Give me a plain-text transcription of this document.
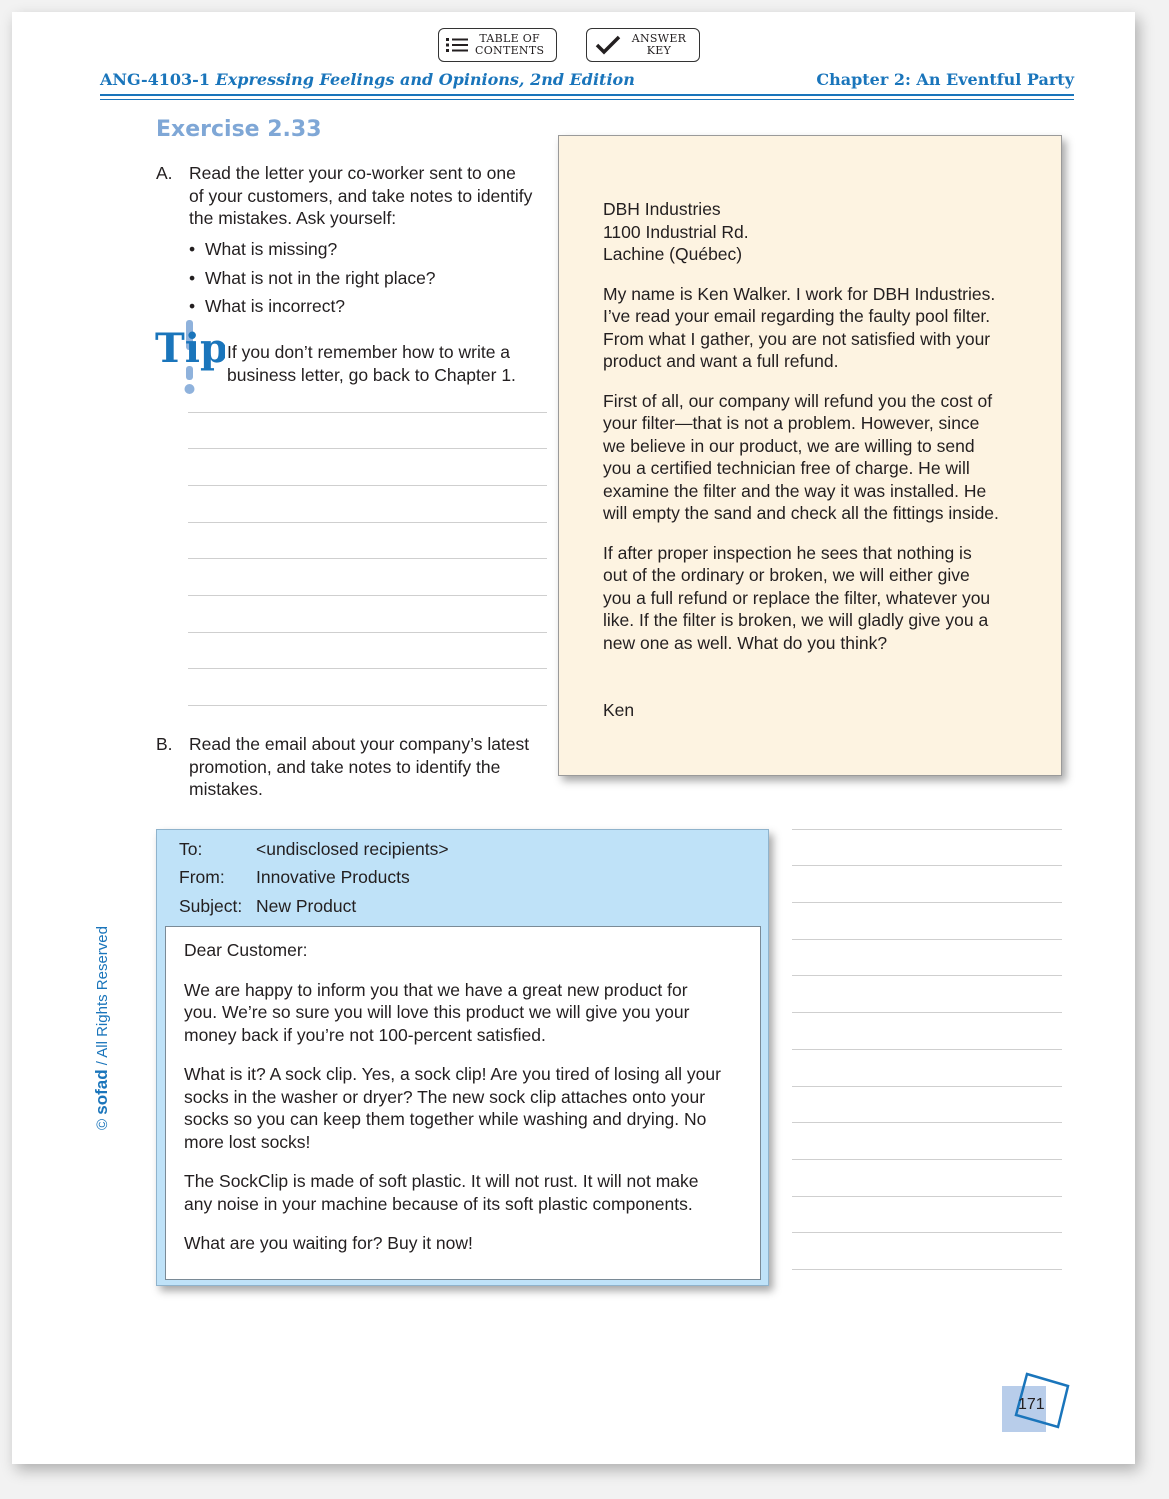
TABLE OF
CONTENTS
ANSWER
KEY
ANG-4103-1 Expressing Feelings and Opinions, 2nd Edition	Chapter 2: An Eventful Party
Exercise 2.33
A. Read the letter your co-worker sent to one
of your customers, and take notes to identify
the mistakes. Ask yourself:
• What is missing?
• What is not in the right place?
• What is incorrect?
Tip If you don’t remember how to write a
business letter, go back to Chapter 1.
B. Read the email about your company’s latest
promotion, and take notes to identify the
mistakes.

DBH Industries
1100 Industrial Rd.
Lachine (Québec)

My name is Ken Walker. I work for DBH Industries.
I’ve read your email regarding the faulty pool filter.
From what I gather, you are not satisfied with your
product and want a full refund.

First of all, our company will refund you the cost of
your filter—that is not a problem. However, since
we believe in our product, we are willing to send
you a certified technician free of charge. He will
examine the filter and the way it was installed. He
will empty the sand and check all the fittings inside.

If after proper inspection he sees that nothing is
out of the ordinary or broken, we will either give
you a full refund or replace the filter, whatever you
like. If the filter is broken, we will gladly give you a
new one as well. What do you think?

Ken

To:	<undisclosed recipients>
From:	Innovative Products
Subject: New Product

Dear Customer:

We are happy to inform you that we have a great new product for
you. We’re so sure you will love this product we will give you your
money back if you’re not 100-percent satisfied.

What is it? A sock clip. Yes, a sock clip! Are you tired of losing all your
socks in the washer or dryer? The new sock clip attaches onto your
socks so you can keep them together while washing and drying. No
more lost socks!

The SockClip is made of soft plastic. It will not rust. It will not make
any noise in your machine because of its soft plastic components.

What are you waiting for? Buy it now!

© sofad / All Rights Reserved
171
